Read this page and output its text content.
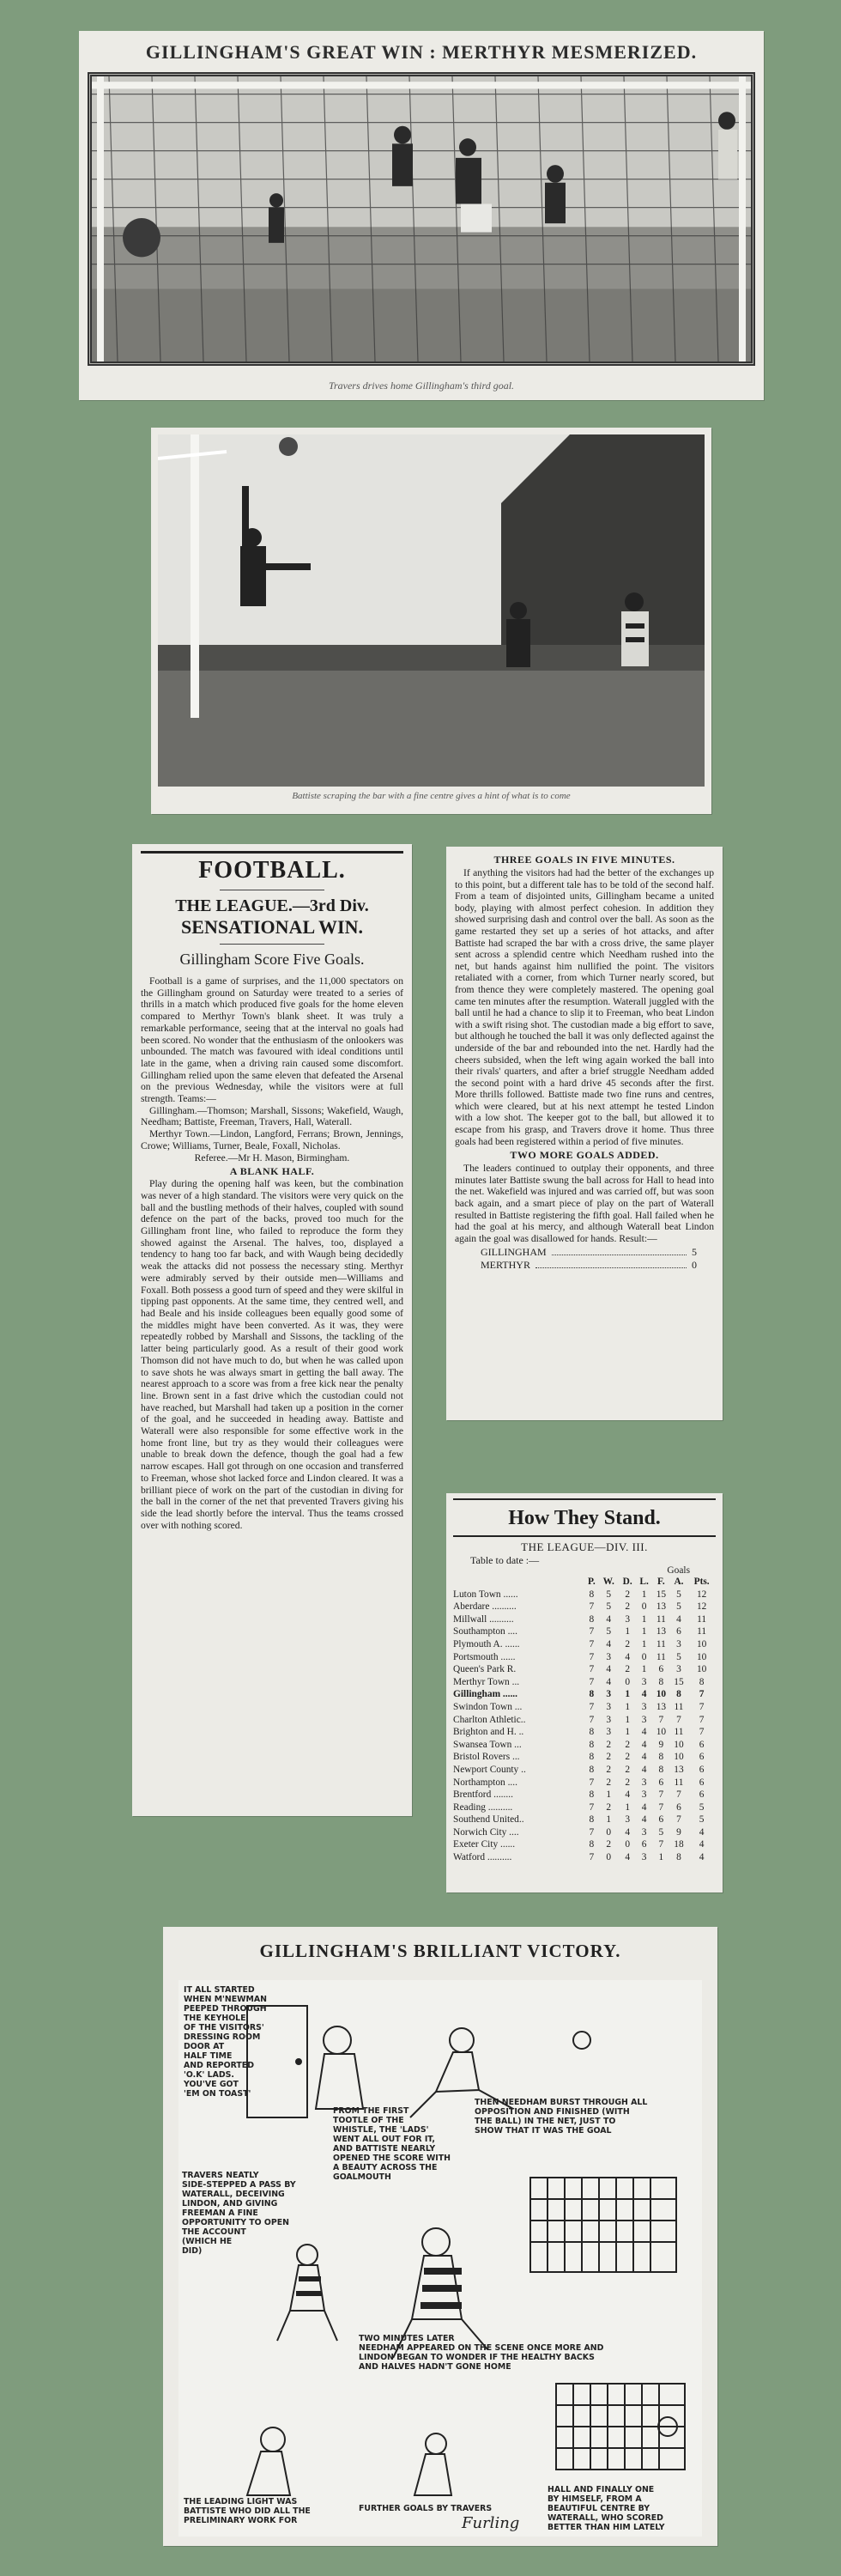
GILLINGHAM'S GREAT WIN : MERTHYR MESMERIZED.
Travers drives home Gillingham's third goal.
Battiste scraping the bar with a fine centre gives a hint of what is to come
FOOTBALL.
THE LEAGUE.—3rd Div.
SENSATIONAL WIN.
Gillingham Score Five Goals.

Football is a game of surprises, and the 11,000 spectators on the Gillingham ground on Saturday were treated to a series of thrills in a match which produced five goals for the home eleven compared to Merthyr Town's blank sheet. It was truly a remarkable performance, seeing that at the interval no goals had been scored. No wonder that the enthusiasm of the onlookers was unbounded. The match was favoured with ideal conditions until late in the game, when a driving rain caused some discomfort. Gillingham relied upon the same eleven that defeated the Arsenal on the previous Wednesday, while the visitors were at full strength. Teams:—

Gillingham.—Thomson; Marshall, Sissons; Wakefield, Waugh, Needham; Battiste, Freeman, Travers, Hall, Waterall.

Merthyr Town.—Lindon, Langford, Ferrans; Brown, Jennings, Crowe; Williams, Turner, Beale, Foxall, Nicholas.

Referee.—Mr H. Mason, Birmingham.

A BLANK HALF.

Play during the opening half was keen, but the combination was never of a high standard. The visitors were very quick on the ball and the bustling methods of their halves, coupled with sound defence on the part of the backs, proved too much for the Gillingham front line, who failed to reproduce the form they showed against the Arsenal. The halves, too, displayed a tendency to hang too far back, and with Waugh being decidedly weak the attacks did not possess the necessary sting. Merthyr were admirably served by their outside men—Williams and Foxall. Both possess a good turn of speed and they were skilful in tipping past opponents. At the same time, they centred well, and had Beale and his inside colleagues been equally good some of the middles might have been converted. As it was, they were repeatedly robbed by Marshall and Sissons, the tackling of the latter being particularly good. As a result of their good work Thomson did not have much to do, but when he was called upon to save shots he was always smart in getting the ball away. The nearest approach to a score was from a free kick near the penalty line. Brown sent in a fast drive which the custodian could not have reached, but Marshall had taken up a position in the corner of the goal, and he succeeded in heading away. Battiste and Waterall were also responsible for some effective work in the home front line, but try as they would their colleagues were unable to break down the defence, though the goal had a few narrow escapes. Hall got through on one occasion and transferred to Freeman, whose shot lacked force and Lindon cleared. It was a brilliant piece of work on the part of the custodian in diving for the ball in the corner of the net that prevented Travers giving his side the lead shortly before the interval. Thus the teams crossed over with nothing scored.

THREE GOALS IN FIVE MINUTES.

If anything the visitors had had the better of the exchanges up to this point, but a different tale has to be told of the second half. From a team of disjointed units, Gillingham became a united body, playing with almost perfect cohesion. In addition they showed surprising dash and control over the ball. As soon as the game restarted they set up a series of hot attacks, and after Battiste had scraped the bar with a cross drive, the same player sent across a splendid centre which Needham rushed into the net, but hands against him nullified the point. The visitors retaliated with a corner, from which Turner nearly scored, but from thence they were completely mastered. The opening goal came ten minutes after the resumption. Waterall juggled with the ball until he had a chance to slip it to Freeman, who beat Lindon with a swift rising shot. The custodian made a big effort to save, but although he touched the ball it was only deflected against the underside of the bar and rebounded into the net. Hardly had the cheers subsided, when the left wing again worked the ball into their rivals' quarters, and after a brief struggle Needham added the second point with a hard drive 45 seconds after the first. More thrills followed. Battiste made two fine runs and centres, which were cleared, but at his next attempt he tested Lindon with a low shot. The keeper got to the ball, but allowed it to escape from his grasp, and Travers drove it home. Thus three goals had been registered within a period of five minutes.

TWO MORE GOALS ADDED.

The leaders continued to outplay their opponents, and three minutes later Battiste swung the ball across for Hall to head into the net. Wakefield was injured and was carried off, but was soon back again, and a smart piece of play on the part of Waterall resulted in Battiste registering the fifth goal. Hall failed when he had the goal at his mercy, and although Waterall beat Lindon again the goal was disallowed for hands. Result:—

GILLINGHAM	5
MERTHYR	0
How They Stand.
THE LEAGUE—DIV. III.
Table to date :—
Goals
	P.	W.	D.	L.	F.	A.	Pts.
Luton Town ......	8	5	2	1	15	5	12
Aberdare ..........	7	5	2	0	13	5	12
Millwall ..........	8	4	3	1	11	4	11
Southampton ....	7	5	1	1	13	6	11
Plymouth A. ......	7	4	2	1	11	3	10
Portsmouth ......	7	3	4	0	11	5	10
Queen's Park R.	7	4	2	1	6	3	10
Merthyr Town ...	7	4	0	3	8	15	8
Gillingham ......	8	3	1	4	10	8	7
Swindon Town ...	7	3	1	3	13	11	7
Charlton Athletic..	7	3	1	3	7	7	7
Brighton and H. ..	8	3	1	4	10	11	7
Swansea Town ...	8	2	2	4	9	10	6
Bristol Rovers ...	8	2	2	4	8	10	6
Newport County ..	8	2	2	4	8	13	6
Northampton ....	7	2	2	3	6	11	6
Brentford ........	8	1	4	3	7	7	6
Reading ..........	7	2	1	4	7	6	5
Southend United..	8	1	3	4	6	7	5
Norwich City ....	7	0	4	3	5	9	4
Exeter City ......	8	2	0	6	7	18	4
Watford ..........	7	0	4	3	1	8	4
GILLINGHAM'S BRILLIANT VICTORY.
IT ALL STARTED WHEN M'NEWMAN PEEPED THROUGH THE KEYHOLE OF THE VISITORS' DRESSING ROOM DOOR AT HALF TIME AND REPORTED 'O.K' LADS. YOU'VE GOT 'EM ON TOAST'
FROM THE FIRST TOOTLE OF THE WHISTLE, THE 'LADS' WENT ALL OUT FOR IT, AND BATTISTE NEARLY OPENED THE SCORE WITH A BEAUTY ACROSS THE GOALMOUTH
THEN NEEDHAM BURST THROUGH ALL OPPOSITION AND FINISHED (WITH THE BALL) IN THE NET, JUST TO SHOW THAT IT WAS THE GOAL
TRAVERS NEATLY SIDE-STEPPED A PASS BY WATERALL, DECEIVING LINDON, AND GIVING FREEMAN A FINE OPPORTUNITY TO OPEN THE ACCOUNT (WHICH HE DID)
TWO MINUTES LATER NEEDHAM APPEARED ON THE SCENE ONCE MORE AND LINDON BEGAN TO WONDER IF THE HEALTHY BACKS AND HALVES HADN'T GONE HOME
THE LEADING LIGHT WAS BATTISTE WHO DID ALL THE PRELIMINARY WORK FOR
FURTHER GOALS BY TRAVERS
HALL AND FINALLY ONE BY HIMSELF, FROM A BEAUTIFUL CENTRE BY WATERALL, WHO SCORED BETTER THAN HIM LATELY
Furling
